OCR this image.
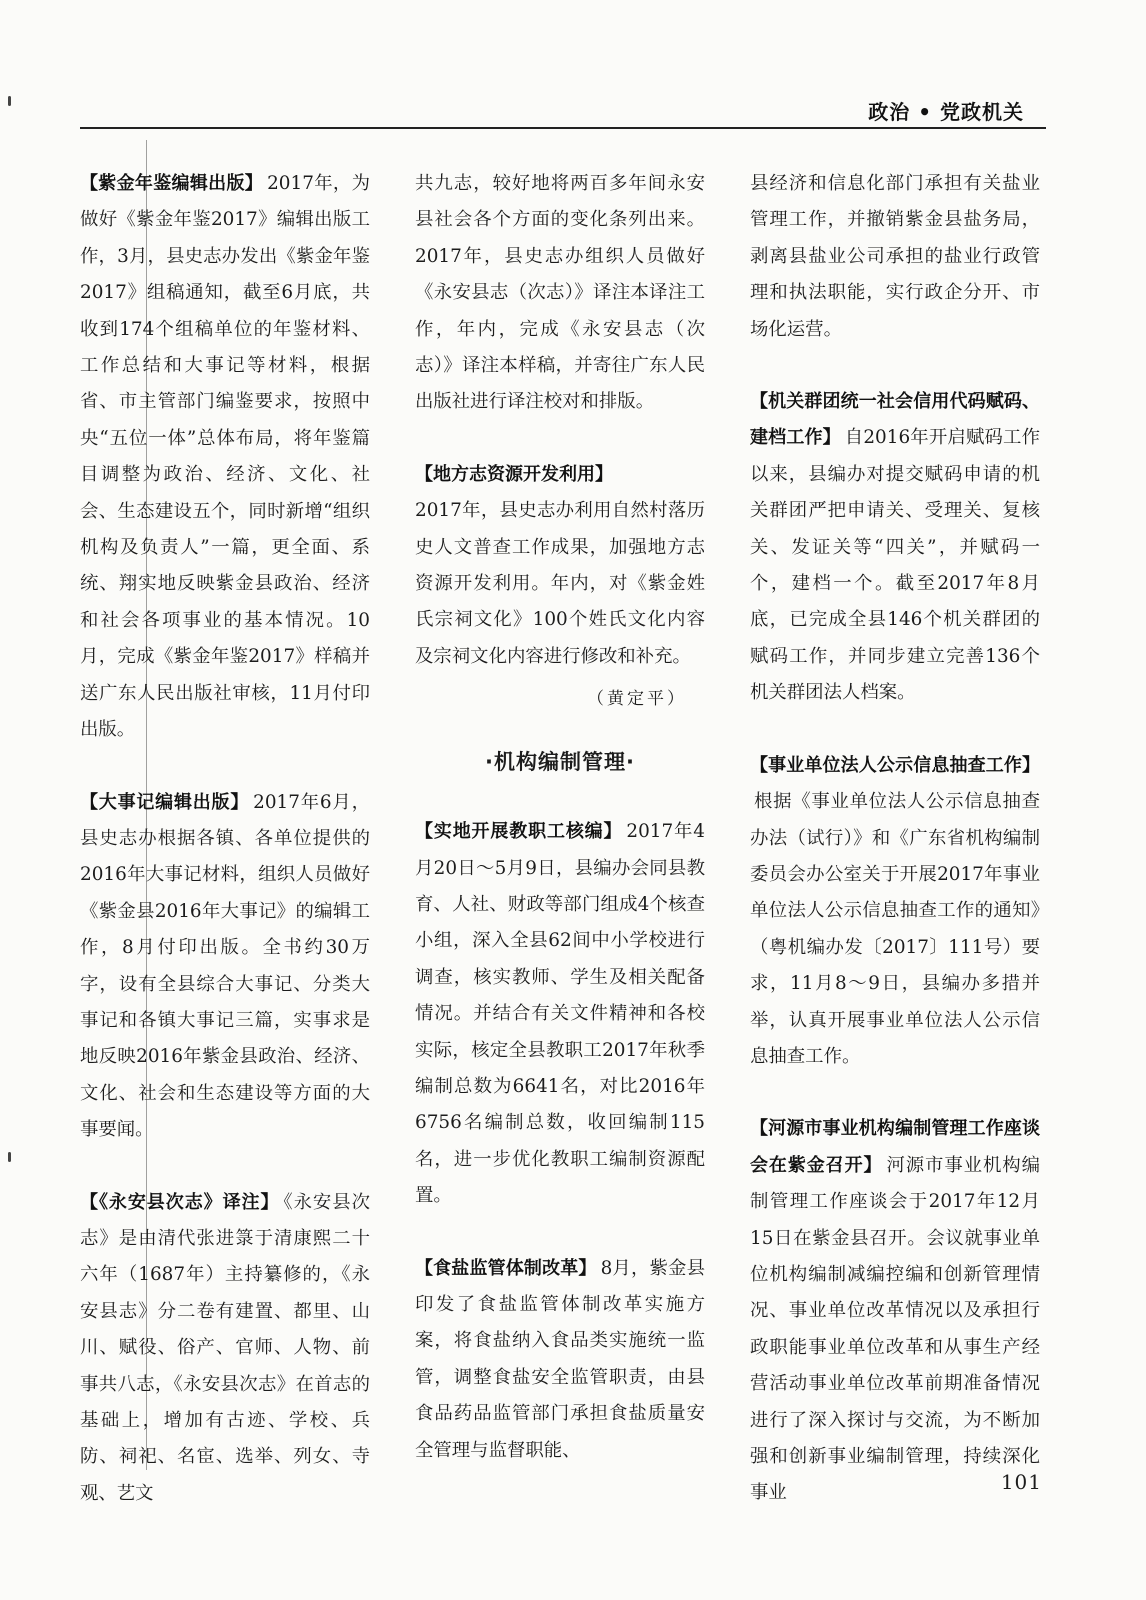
政治 • 党政机关
【紫金年鉴编辑出版】 2017年，为做好《紫金年鉴2017》编辑出版工作，3月，县史志办发出《紫金年鉴2017》组稿通知，截至6月底，共收到174个组稿单位的年鉴材料、工作总结和大事记等材料，根据省、市主管部门编鉴要求，按照中央“五位一体”总体布局，将年鉴篇目调整为政治、经济、文化、社会、生态建设五个，同时新增“组织机构及负责人”一篇，更全面、系统、翔实地反映紫金县政治、经济和社会各项事业的基本情况。10月，完成《紫金年鉴2017》样稿并送广东人民出版社审核，11月付印出版。
【大事记编辑出版】 2017年6月，县史志办根据各镇、各单位提供的2016年大事记材料，组织人员做好《紫金县2016年大事记》的编辑工作，8月付印出版。全书约30万字，设有全县综合大事记、分类大事记和各镇大事记三篇，实事求是地反映2016年紫金县政治、经济、文化、社会和生态建设等方面的大事要闻。
【《永安县次志》译注】 《永安县次志》是由清代张进箓于清康熙二十六年（1687年）主持纂修的，《永安县志》分二卷有建置、都里、山川、赋役、俗产、官师、人物、前事共八志，《永安县次志》在首志的基础上，增加有古迹、学校、兵防、祠祀、名宦、选举、列女、寺观、艺文
共九志，较好地将两百多年间永安县社会各个方面的变化条列出来。2017年，县史志办组织人员做好《永安县志（次志）》译注本译注工作，年内，完成《永安县志（次志）》译注本样稿，并寄往广东人民出版社进行译注校对和排版。
【地方志资源开发利用】
2017年，县史志办利用自然村落历史人文普查工作成果，加强地方志资源开发利用。年内，对《紫金姓氏宗祠文化》100个姓氏文化内容及宗祠文化内容进行修改和补充。
（黄定平）
·机构编制管理·
【实地开展教职工核编】 2017年4月20日～5月9日，县编办会同县教育、人社、财政等部门组成4个核查小组，深入全县62间中小学校进行调查，核实教师、学生及相关配备情况。并结合有关文件精神和各校实际，核定全县教职工2017年秋季编制总数为6641名，对比2016年6756名编制总数，收回编制115名，进一步优化教职工编制资源配置。
【食盐监管体制改革】 8月，紫金县印发了食盐监管体制改革实施方案，将食盐纳入食品类实施统一监管，调整食盐安全监管职责，由县食品药品监管部门承担食盐质量安全管理与监督职能、
县经济和信息化部门承担有关盐业管理工作，并撤销紫金县盐务局，剥离县盐业公司承担的盐业行政管理和执法职能，实行政企分开、市场化运营。
【机关群团统一社会信用代码赋码、建档工作】 自2016年开启赋码工作以来，县编办对提交赋码申请的机关群团严把申请关、受理关、复核关、发证关等“四关”，并赋码一个，建档一个。截至2017年8月底，已完成全县146个机关群团的赋码工作，并同步建立完善136个机关群团法人档案。
【事业单位法人公示信息抽查工作】根据《事业单位法人公示信息抽查办法（试行）》和《广东省机构编制委员会办公室关于开展2017年事业单位法人公示信息抽查工作的通知》（粤机编办发〔2017〕111号）要求，11月8～9日，县编办多措并举，认真开展事业单位法人公示信息抽查工作。
【河源市事业机构编制管理工作座谈会在紫金召开】 河源市事业机构编制管理工作座谈会于2017年12月15日在紫金县召开。会议就事业单位机构编制减编控编和创新管理情况、事业单位改革情况以及承担行政职能事业单位改革和从事生产经营活动事业单位改革前期准备情况进行了深入探讨与交流，为不断加强和创新事业编制管理，持续深化事业	101
